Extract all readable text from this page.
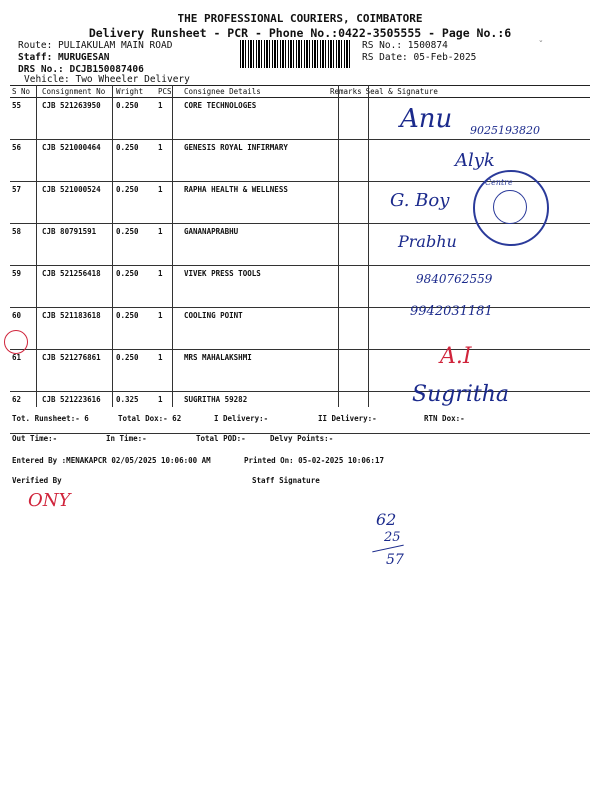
THE PROFESSIONAL COURIERS, COIMBATORE
Delivery Runsheet - PCR - Phone No.:0422-3505555 - Page No.:6
Route: PULIAKULAM MAIN ROAD
Staff: MURUGESAN
DRS No.: DCJB150087406
Vehicle: Two Wheeler Delivery
RS No.: 1500874
RS Date: 05-Feb-2025
ˇ
S No	Consignment No	Wright	PCS	Consignee Details	Remarks	Seal & Signature
55	CJB 521263950	0.250	1	CORE TECHNOLOGES		
56	CJB 521000464	0.250	1	GENESIS ROYAL INFIRMARY		
57	CJB 521000524	0.250	1	RAPHA HEALTH & WELLNESS		
58	CJB 80791591	0.250	1	GANANAPRABHU		
59	CJB 521256418	0.250	1	VIVEK PRESS TOOLS		
60	CJB 521183618	0.250	1	COOLING POINT		
61	CJB 521276861	0.250	1	MRS MAHALAKSHMI		
62	CJB 521223616	0.325	1	SUGRITHA 59282		
Tot. Runsheet:- 6	Total Dox:- 62	I Delivery:-	II Delivery:-	RTN Dox:-
Out Time:-	In Time:-	Total POD:-	Delvy Points:-
Entered By :MENAKAPCR 02/05/2025 10:06:00 AM	Printed On: 05-02-2025 10:06:17
Verified By	Staff Signature
Anu 9025193820
Alyk
G. Boy
Prabhu
9840762559
9942031181
A.I
Sugritha
Centre
ONY
62
25
57
